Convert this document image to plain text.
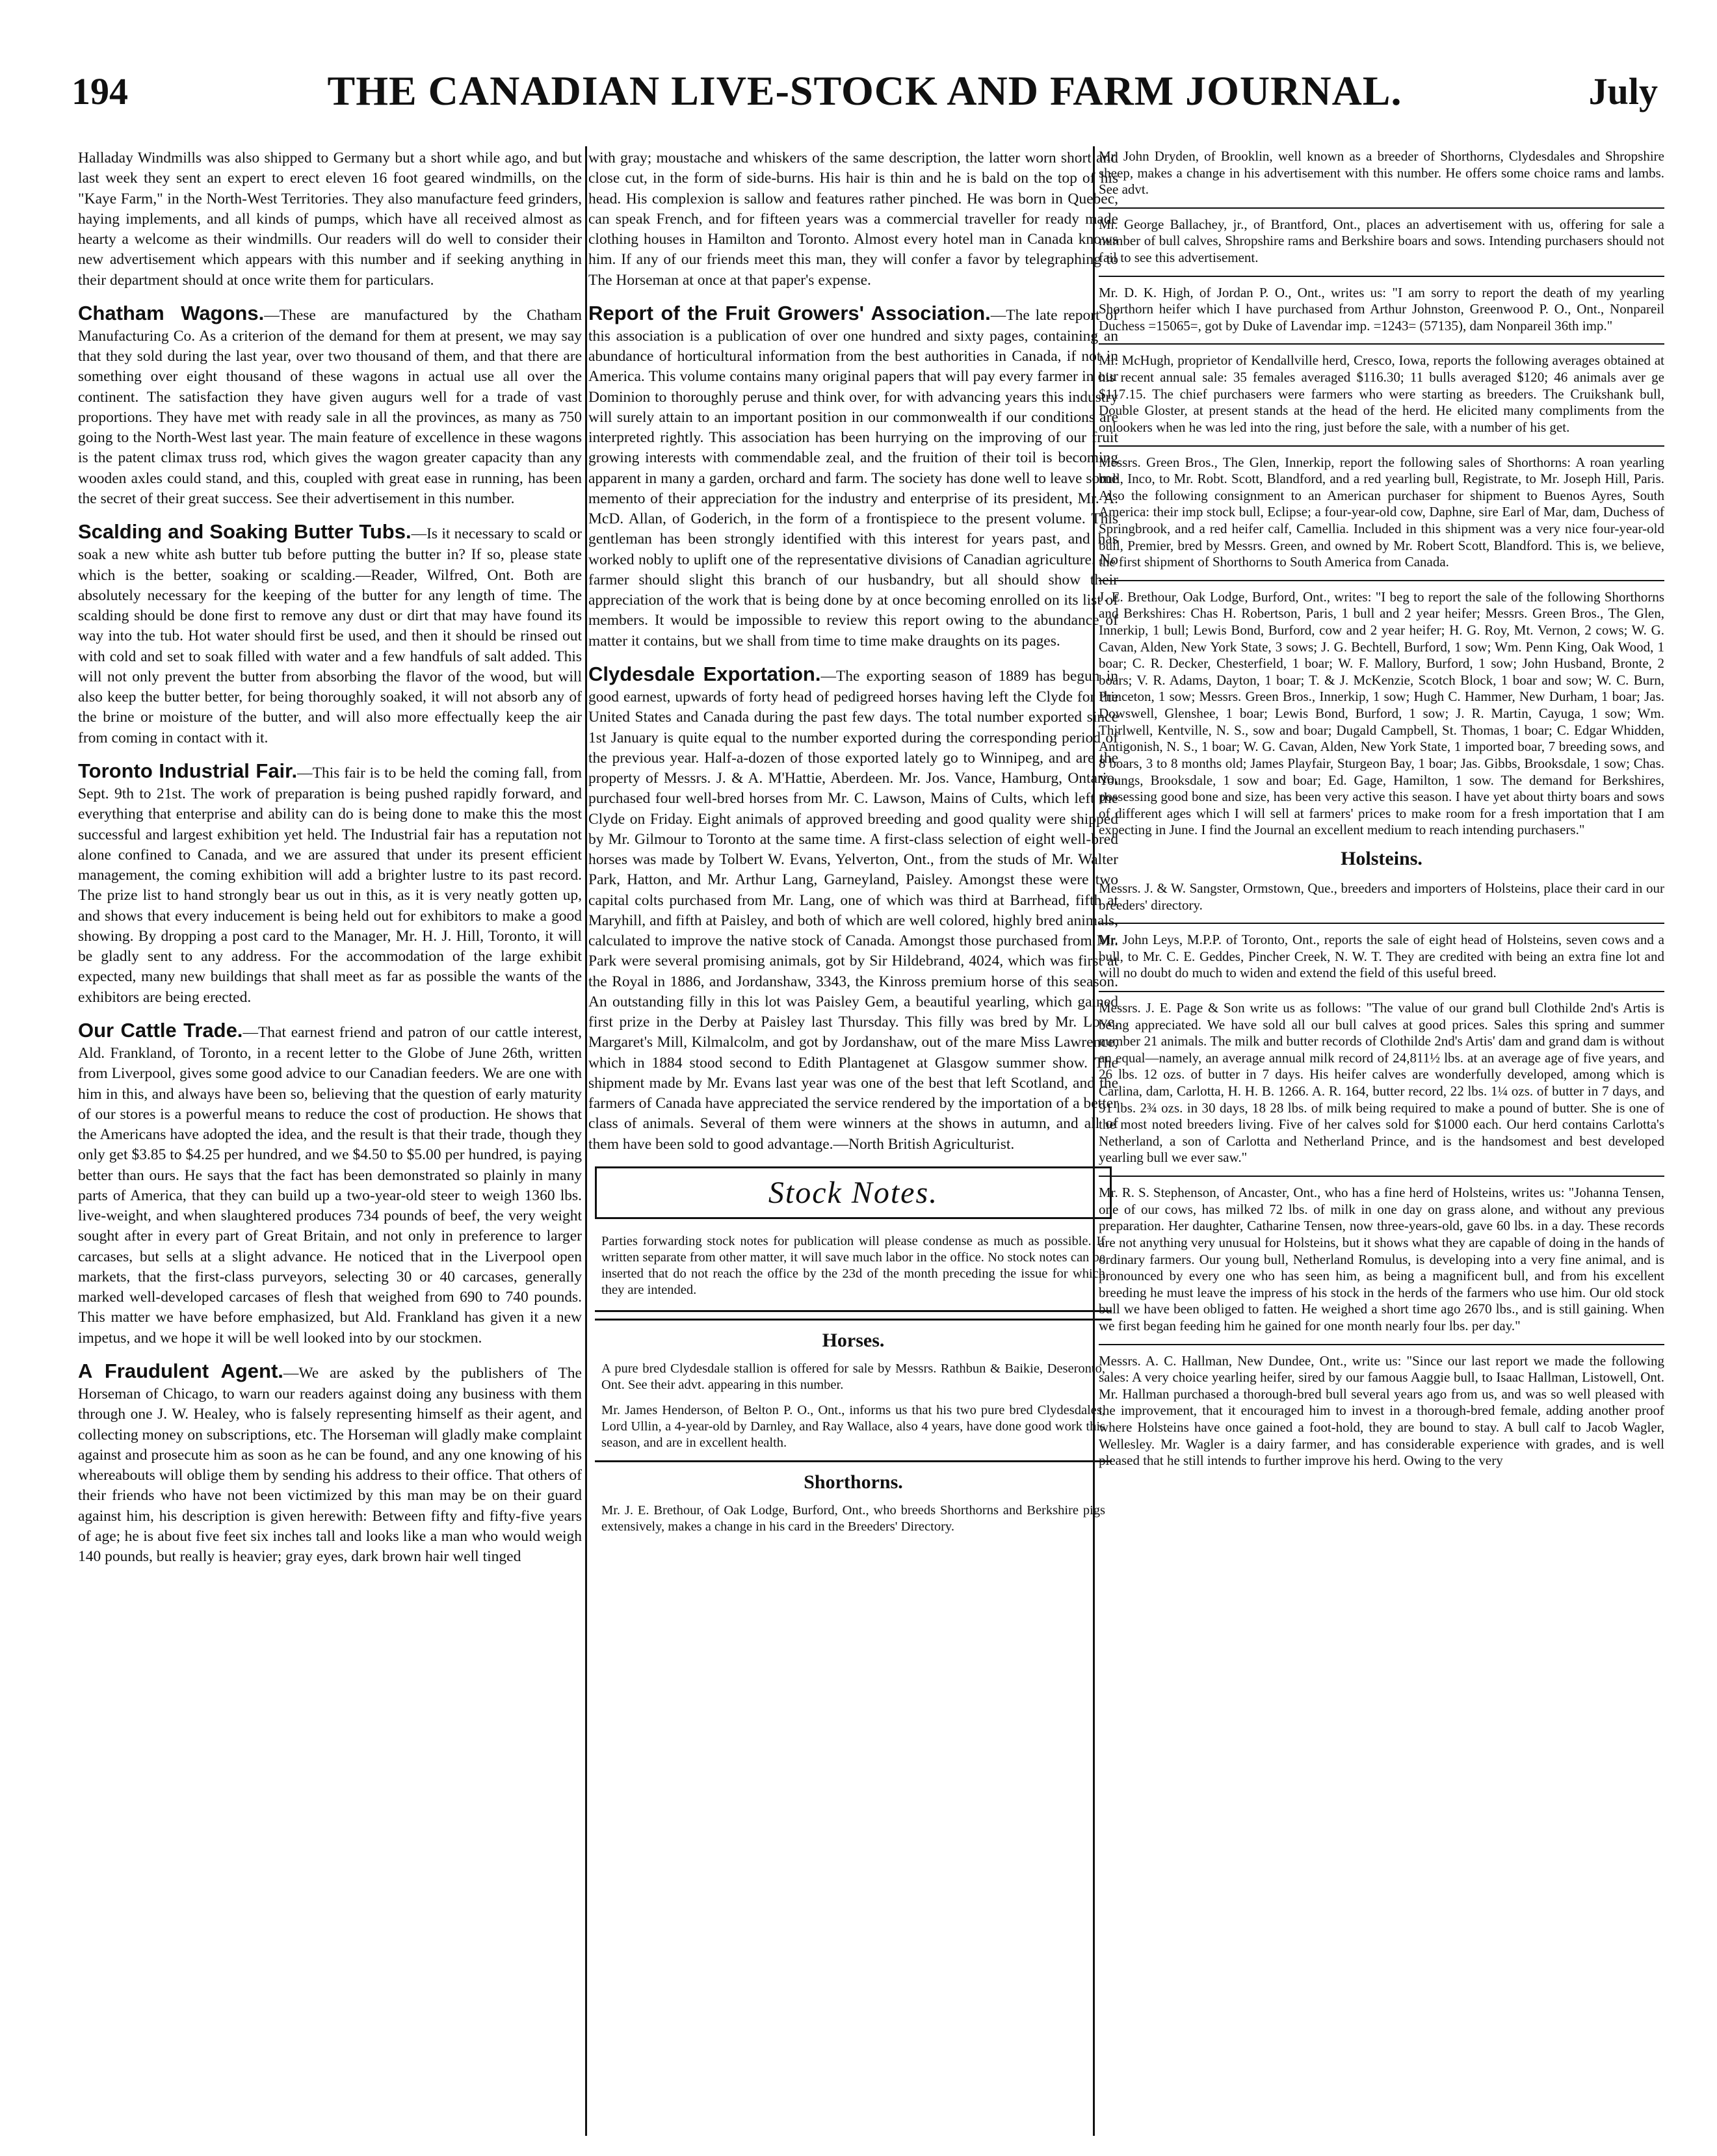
194	THE CANADIAN LIVE-STOCK AND FARM JOURNAL.	July

Halladay Windmills was also shipped to Germany but a short while ago, and but last week they sent an expert to erect eleven 16 foot geared windmills, on the "Kaye Farm," in the North-West Territories. They also manufacture feed grinders, haying implements, and all kinds of pumps, which have all received almost as hearty a welcome as their windmills. Our readers will do well to consider their new advertisement which appears with this number and if seeking anything in their department should at once write them for particulars.

Chatham Wagons.—These are manufactured by the Chatham Manufacturing Co. As a criterion of the demand for them at present, we may say that they sold during the last year, over two thousand of them, and that there are something over eight thousand of these wagons in actual use all over the continent. The satisfaction they have given augurs well for a trade of vast proportions. They have met with ready sale in all the provinces, as many as 750 going to the North-West last year. The main feature of excellence in these wagons is the patent climax truss rod, which gives the wagon greater capacity than any wooden axles could stand, and this, coupled with great ease in running, has been the secret of their great success. See their advertisement in this number.

Scalding and Soaking Butter Tubs.—Is it necessary to scald or soak a new white ash butter tub before putting the butter in? If so, please state which is the better, soaking or scalding.—Reader, Wilfred, Ont. Both are absolutely necessary for the keeping of the butter for any length of time. The scalding should be done first to remove any dust or dirt that may have found its way into the tub. Hot water should first be used, and then it should be rinsed out with cold and set to soak filled with water and a few handfuls of salt added. This will not only prevent the butter from absorbing the flavor of the wood, but will also keep the butter better, for being thoroughly soaked, it will not absorb any of the brine or moisture of the butter, and will also more effectually keep the air from coming in contact with it.

Toronto Industrial Fair.—This fair is to be held the coming fall, from Sept. 9th to 21st. The work of preparation is being pushed rapidly forward, and everything that enterprise and ability can do is being done to make this the most successful and largest exhibition yet held. The Industrial fair has a reputation not alone confined to Canada, and we are assured that under its present efficient management, the coming exhibition will add a brighter lustre to its past record. The prize list to hand strongly bear us out in this, as it is very neatly gotten up, and shows that every inducement is being held out for exhibitors to make a good showing. By dropping a post card to the Manager, Mr. H. J. Hill, Toronto, it will be gladly sent to any address. For the accommodation of the large exhibit expected, many new buildings that shall meet as far as possible the wants of the exhibitors are being erected.

Our Cattle Trade.—That earnest friend and patron of our cattle interest, Ald. Frankland, of Toronto, in a recent letter to the Globe of June 26th, written from Liverpool, gives some good advice to our Canadian feeders. We are one with him in this, and always have been so, believing that the question of early maturity of our stores is a powerful means to reduce the cost of production. He shows that the Americans have adopted the idea, and the result is that their trade, though they only get $3.85 to $4.25 per hundred, and we $4.50 to $5.00 per hundred, is paying better than ours. He says that the fact has been demonstrated so plainly in many parts of America, that they can build up a two-year-old steer to weigh 1360 lbs. live-weight, and when slaughtered produces 734 pounds of beef, the very weight sought after in every part of Great Britain, and not only in preference to larger carcases, but sells at a slight advance. He noticed that in the Liverpool open markets, that the first-class purveyors, selecting 30 or 40 carcases, generally marked well-developed carcases of flesh that weighed from 690 to 740 pounds. This matter we have before emphasized, but Ald. Frankland has given it a new impetus, and we hope it will be well looked into by our stockmen.

A Fraudulent Agent.—We are asked by the publishers of The Horseman of Chicago, to warn our readers against doing any business with them through one J. W. Healey, who is falsely representing himself as their agent, and collecting money on subscriptions, etc. The Horseman will gladly make complaint against and prosecute him as soon as he can be found, and any one knowing of his whereabouts will oblige them by sending his address to their office. That others of their friends who have not been victimized by this man may be on their guard against him, his description is given herewith: Between fifty and fifty-five years of age; he is about five feet six inches tall and looks like a man who would weigh 140 pounds, but really is heavier; gray eyes, dark brown hair well tinged

with gray; moustache and whiskers of the same description, the latter worn short and close cut, in the form of side-burns. His hair is thin and he is bald on the top of his head. His complexion is sallow and features rather pinched. He was born in Quebec, can speak French, and for fifteen years was a commercial traveller for ready made clothing houses in Hamilton and Toronto. Almost every hotel man in Canada knows him. If any of our friends meet this man, they will confer a favor by telegraphing to The Horseman at once at that paper's expense.

Report of the Fruit Growers' Association.—The late report of this association is a publication of over one hundred and sixty pages, containing an abundance of horticultural information from the best authorities in Canada, if not in America. This volume contains many original papers that will pay every farmer in our Dominion to thoroughly peruse and think over, for with advancing years this industry will surely attain to an important position in our commonwealth if our conditions are interpreted rightly. This association has been hurrying on the improving of our fruit growing interests with commendable zeal, and the fruition of their toil is becoming apparent in many a garden, orchard and farm. The society has done well to leave some memento of their appreciation for the industry and enterprise of its president, Mr. A. McD. Allan, of Goderich, in the form of a frontispiece to the present volume. This gentleman has been strongly identified with this interest for years past, and has worked nobly to uplift one of the representative divisions of Canadian agriculture. No farmer should slight this branch of our husbandry, but all should show their appreciation of the work that is being done by at once becoming enrolled on its list of members. It would be impossible to review this report owing to the abundance of matter it contains, but we shall from time to time make draughts on its pages.

Clydesdale Exportation.—The exporting season of 1889 has begun in good earnest, upwards of forty head of pedigreed horses having left the Clyde for the United States and Canada during the past few days. The total number exported since 1st January is quite equal to the number exported during the corresponding period of the previous year. Half-a-dozen of those exported lately go to Winnipeg, and are the property of Messrs. J. & A. M'Hattie, Aberdeen. Mr. Jos. Vance, Hamburg, Ontario, purchased four well-bred horses from Mr. C. Lawson, Mains of Cults, which left the Clyde on Friday. Eight animals of approved breeding and good quality were shipped by Mr. Gilmour to Toronto at the same time. A first-class selection of eight well-bred horses was made by Tolbert W. Evans, Yelverton, Ont., from the studs of Mr. Walter Park, Hatton, and Mr. Arthur Lang, Garneyland, Paisley. Amongst these were two capital colts purchased from Mr. Lang, one of which was third at Barrhead, fifth at Maryhill, and fifth at Paisley, and both of which are well colored, highly bred animals, calculated to improve the native stock of Canada. Amongst those purchased from Mr. Park were several promising animals, got by Sir Hildebrand, 4024, which was first at the Royal in 1886, and Jordanshaw, 3343, the Kinross premium horse of this season. An outstanding filly in this lot was Paisley Gem, a beautiful yearling, which gained first prize in the Derby at Paisley last Thursday. This filly was bred by Mr. Love, Margaret's Mill, Kilmalcolm, and got by Jordanshaw, out of the mare Miss Lawrence, which in 1884 stood second to Edith Plantagenet at Glasgow summer show. The shipment made by Mr. Evans last year was one of the best that left Scotland, and the farmers of Canada have appreciated the service rendered by the importation of a better class of animals. Several of them were winners at the shows in autumn, and all of them have been sold to good advantage.—North British Agriculturist.

Stock Notes.
Parties forwarding stock notes for publication will please condense as much as possible. If written separate from other matter, it will save much labor in the office. No stock notes can be inserted that do not reach the office by the 23d of the month preceding the issue for which they are intended.
Horses.

A pure bred Clydesdale stallion is offered for sale by Messrs. Rathbun & Baikie, Deseronto, Ont. See their advt. appearing in this number.

Mr. James Henderson, of Belton P. O., Ont., informs us that his two pure bred Clydesdales, Lord Ullin, a 4-year-old by Darnley, and Ray Wallace, also 4 years, have done good work this season, and are in excellent health.

Shorthorns.

Mr. J. E. Brethour, of Oak Lodge, Burford, Ont., who breeds Shorthorns and Berkshire pigs extensively, makes a change in his card in the Breeders' Directory.

Mr. John Dryden, of Brooklin, well known as a breeder of Shorthorns, Clydesdales and Shropshire sheep, makes a change in his advertisement with this number. He offers some choice rams and lambs. See advt.

Mr. George Ballachey, jr., of Brantford, Ont., places an advertisement with us, offering for sale a number of bull calves, Shropshire rams and Berkshire boars and sows. Intending purchasers should not fail to see this advertisement.

Mr. D. K. High, of Jordan P. O., Ont., writes us: "I am sorry to report the death of my yearling Shorthorn heifer which I have purchased from Arthur Johnston, Greenwood P. O., Ont., Nonpareil Duchess =15065=, got by Duke of Lavendar imp. =1243= (57135), dam Nonpareil 36th imp."

Mr. McHugh, proprietor of Kendallville herd, Cresco, Iowa, reports the following averages obtained at his recent annual sale: 35 females averaged $116.30; 11 bulls averaged $120; 46 animals aver ge $117.15. The chief purchasers were farmers who were starting as breeders. The Cruikshank bull, Double Gloster, at present stands at the head of the herd. He elicited many compliments from the onlookers when he was led into the ring, just before the sale, with a number of his get.

Messrs. Green Bros., The Glen, Innerkip, report the following sales of Shorthorns: A roan yearling bull, Inco, to Mr. Robt. Scott, Blandford, and a red yearling bull, Registrate, to Mr. Joseph Hill, Paris. Also the following consignment to an American purchaser for shipment to Buenos Ayres, South America: their imp stock bull, Eclipse; a four-year-old cow, Daphne, sire Earl of Mar, dam, Duchess of Springbrook, and a red heifer calf, Camellia. Included in this shipment was a very nice four-year-old bull, Premier, bred by Messrs. Green, and owned by Mr. Robert Scott, Blandford. This is, we believe, the first shipment of Shorthorns to South America from Canada.

J. E. Brethour, Oak Lodge, Burford, Ont., writes: "I beg to report the sale of the following Shorthorns and Berkshires: Chas H. Robertson, Paris, 1 bull and 2 year heifer; Messrs. Green Bros., The Glen, Innerkip, 1 bull; Lewis Bond, Burford, cow and 2 year heifer; H. G. Roy, Mt. Vernon, 2 cows; W. G. Cavan, Alden, New York State, 3 sows; J. G. Bechtell, Burford, 1 sow; Wm. Penn King, Oak Wood, 1 boar; C. R. Decker, Chesterfield, 1 boar; W. F. Mallory, Burford, 1 sow; John Husband, Bronte, 2 boars; V. R. Adams, Dayton, 1 boar; T. & J. McKenzie, Scotch Block, 1 boar and sow; W. C. Burn, Princeton, 1 sow; Messrs. Green Bros., Innerkip, 1 sow; Hugh C. Hammer, New Durham, 1 boar; Jas. Dowswell, Glenshee, 1 boar; Lewis Bond, Burford, 1 sow; J. R. Martin, Cayuga, 1 sow; Wm. Thirlwell, Kentville, N. S., sow and boar; Dugald Campbell, St. Thomas, 1 boar; C. Edgar Whidden, Antigonish, N. S., 1 boar; W. G. Cavan, Alden, New York State, 1 imported boar, 7 breeding sows, and 8 boars, 3 to 8 months old; James Playfair, Sturgeon Bay, 1 boar; Jas. Gibbs, Brooksdale, 1 sow; Chas. Youngs, Brooksdale, 1 sow and boar; Ed. Gage, Hamilton, 1 sow. The demand for Berkshires, possessing good bone and size, has been very active this season. I have yet about thirty boars and sows of different ages which I will sell at farmers' prices to make room for a fresh importation that I am expecting in June. I find the Journal an excellent medium to reach intending purchasers."

Holsteins.

Messrs. J. & W. Sangster, Ormstown, Que., breeders and importers of Holsteins, place their card in our breeders' directory.

Mr. John Leys, M.P.P. of Toronto, Ont., reports the sale of eight head of Holsteins, seven cows and a bull, to Mr. C. E. Geddes, Pincher Creek, N. W. T. They are credited with being an extra fine lot and will no doubt do much to widen and extend the field of this useful breed.

Messrs. J. E. Page & Son write us as follows: "The value of our grand bull Clothilde 2nd's Artis is being appreciated. We have sold all our bull calves at good prices. Sales this spring and summer number 21 animals. The milk and butter records of Clothilde 2nd's Artis' dam and grand dam is without an equal—namely, an average annual milk record of 24,811½ lbs. at an average age of five years, and 26 lbs. 12 ozs. of butter in 7 days. His heifer calves are wonderfully developed, among which is Carlina, dam, Carlotta, H. H. B. 1266. A. R. 164, butter record, 22 lbs. 1¼ ozs. of butter in 7 days, and 91 lbs. 2¾ ozs. in 30 days, 18 28 lbs. of milk being required to make a pound of butter. She is one of the most noted breeders living. Five of her calves sold for $1000 each. Our herd contains Carlotta's Netherland, a son of Carlotta and Netherland Prince, and is the handsomest and best developed yearling bull we ever saw."

Mr. R. S. Stephenson, of Ancaster, Ont., who has a fine herd of Holsteins, writes us: "Johanna Tensen, one of our cows, has milked 72 lbs. of milk in one day on grass alone, and without any previous preparation. Her daughter, Catharine Tensen, now three-years-old, gave 60 lbs. in a day. These records are not anything very unusual for Holsteins, but it shows what they are capable of doing in the hands of ordinary farmers. Our young bull, Netherland Romulus, is developing into a very fine animal, and is pronounced by every one who has seen him, as being a magnificent bull, and from his excellent breeding he must leave the impress of his stock in the herds of the farmers who use him. Our old stock bull we have been obliged to fatten. He weighed a short time ago 2670 lbs., and is still gaining. When we first began feeding him he gained for one month nearly four lbs. per day."

Messrs. A. C. Hallman, New Dundee, Ont., write us: "Since our last report we made the following sales: A very choice yearling heifer, sired by our famous Aaggie bull, to Isaac Hallman, Listowell, Ont. Mr. Hallman purchased a thorough-bred bull several years ago from us, and was so well pleased with the improvement, that it encouraged him to invest in a thorough-bred female, adding another proof where Holsteins have once gained a foot-hold, they are bound to stay. A bull calf to Jacob Wagler, Wellesley. Mr. Wagler is a dairy farmer, and has considerable experience with grades, and is well pleased that he still intends to further improve his herd. Owing to the very
